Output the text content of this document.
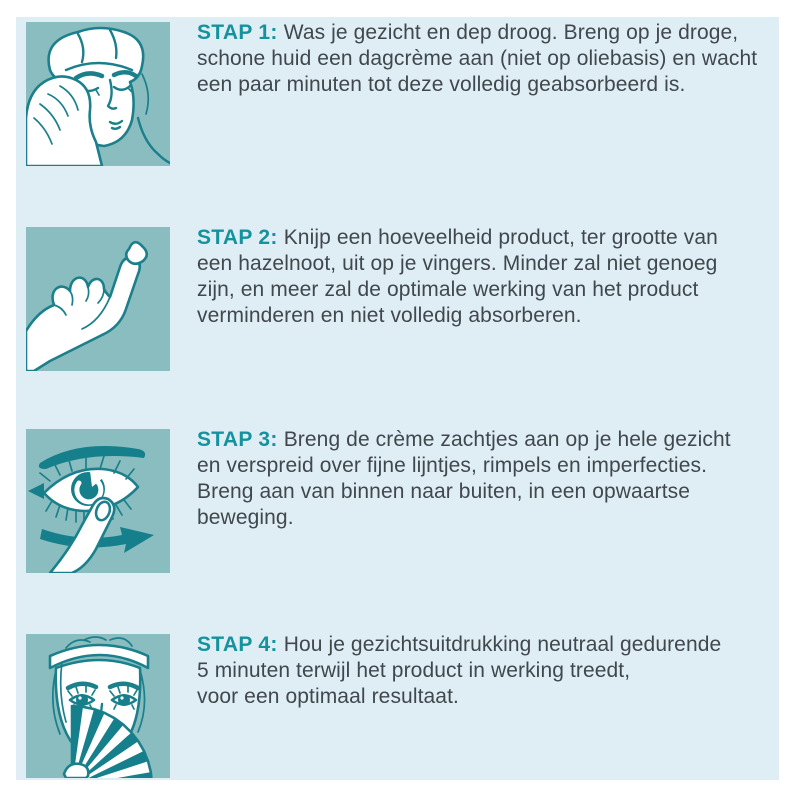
STAP 1: Was je gezicht en dep droog. Breng op je droge,
schone huid een dagcrème aan (niet op oliebasis) en wacht
een paar minuten tot deze volledig geabsorbeerd is.

STAP 2: Knijp een hoeveelheid product, ter grootte van
een hazelnoot, uit op je vingers. Minder zal niet genoeg
zijn, en meer zal de optimale werking van het product
verminderen en niet volledig absorberen.

STAP 3: Breng de crème zachtjes aan op je hele gezicht
en verspreid over fijne lijntjes, rimpels en imperfecties.
Breng aan van binnen naar buiten, in een opwaartse
beweging.

STAP 4: Hou je gezichtsuitdrukking neutraal gedurende
5 minuten terwijl het product in werking treedt,
voor een optimaal resultaat.
